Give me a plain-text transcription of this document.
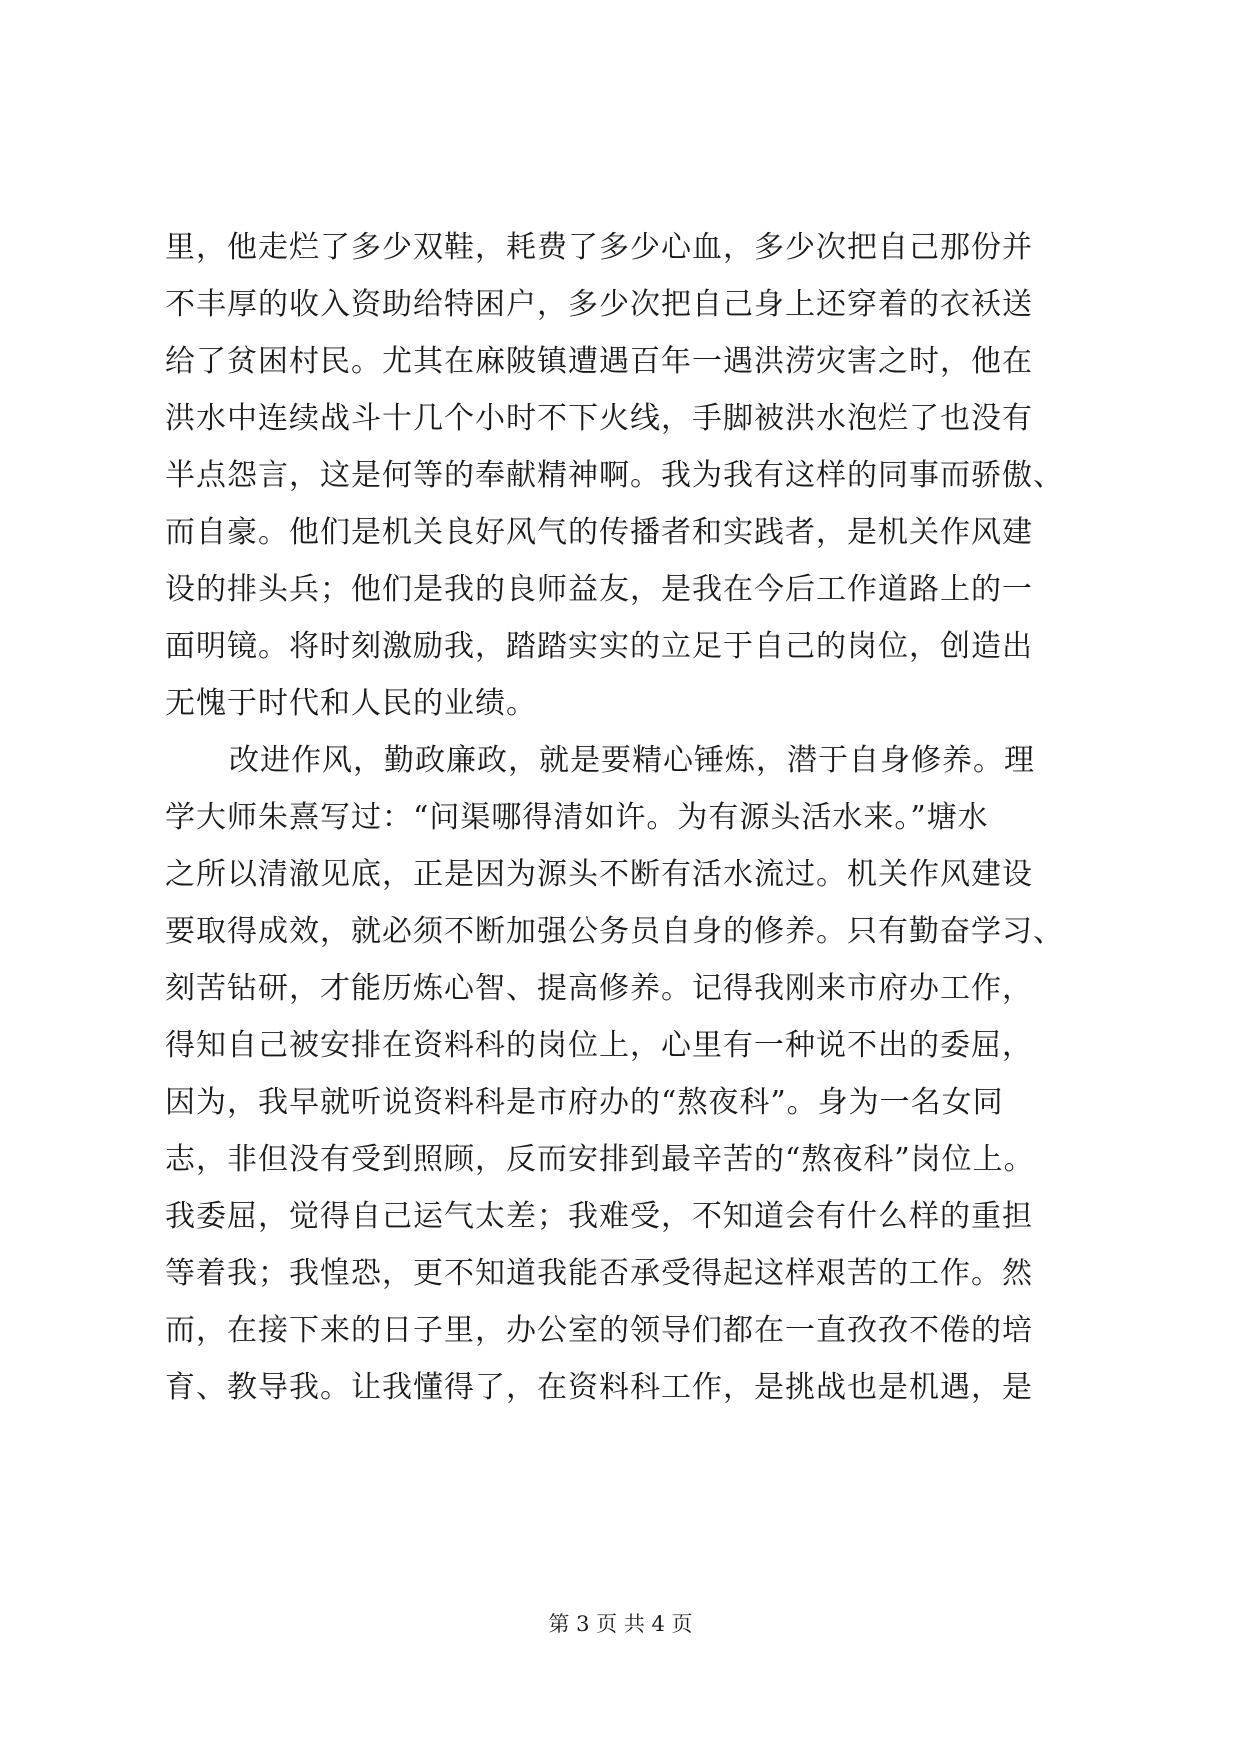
里，他走烂了多少双鞋，耗费了多少心血，多少次把自己那份并
不丰厚的收入资助给特困户，多少次把自己身上还穿着的衣袄送
给了贫困村民。尤其在麻陂镇遭遇百年一遇洪涝灾害之时，他在
洪水中连续战斗十几个小时不下火线，手脚被洪水泡烂了也没有
半点怨言，这是何等的奉献精神啊。我为我有这样的同事而骄傲、
而自豪。他们是机关良好风气的传播者和实践者，是机关作风建
设的排头兵；他们是我的良师益友，是我在今后工作道路上的一
面明镜。将时刻激励我，踏踏实实的立足于自己的岗位，创造出
无愧于时代和人民的业绩。
改进作风，勤政廉政，就是要精心锤炼，潜于自身修养。理
学大师朱熹写过：“问渠哪得清如许。为有源头活水来。”塘水
之所以清澈见底，正是因为源头不断有活水流过。机关作风建设
要取得成效，就必须不断加强公务员自身的修养。只有勤奋学习、
刻苦钻研，才能历炼心智、提高修养。记得我刚来市府办工作，
得知自己被安排在资料科的岗位上，心里有一种说不出的委屈，
因为，我早就听说资料科是市府办的“熬夜科”。身为一名女同
志，非但没有受到照顾，反而安排到最辛苦的“熬夜科”岗位上。
我委屈，觉得自己运气太差；我难受，不知道会有什么样的重担
等着我；我惶恐，更不知道我能否承受得起这样艰苦的工作。然
而，在接下来的日子里，办公室的领导们都在一直孜孜不倦的培
育、教导我。让我懂得了，在资料科工作，是挑战也是机遇，是
第 3 页 共 4 页
